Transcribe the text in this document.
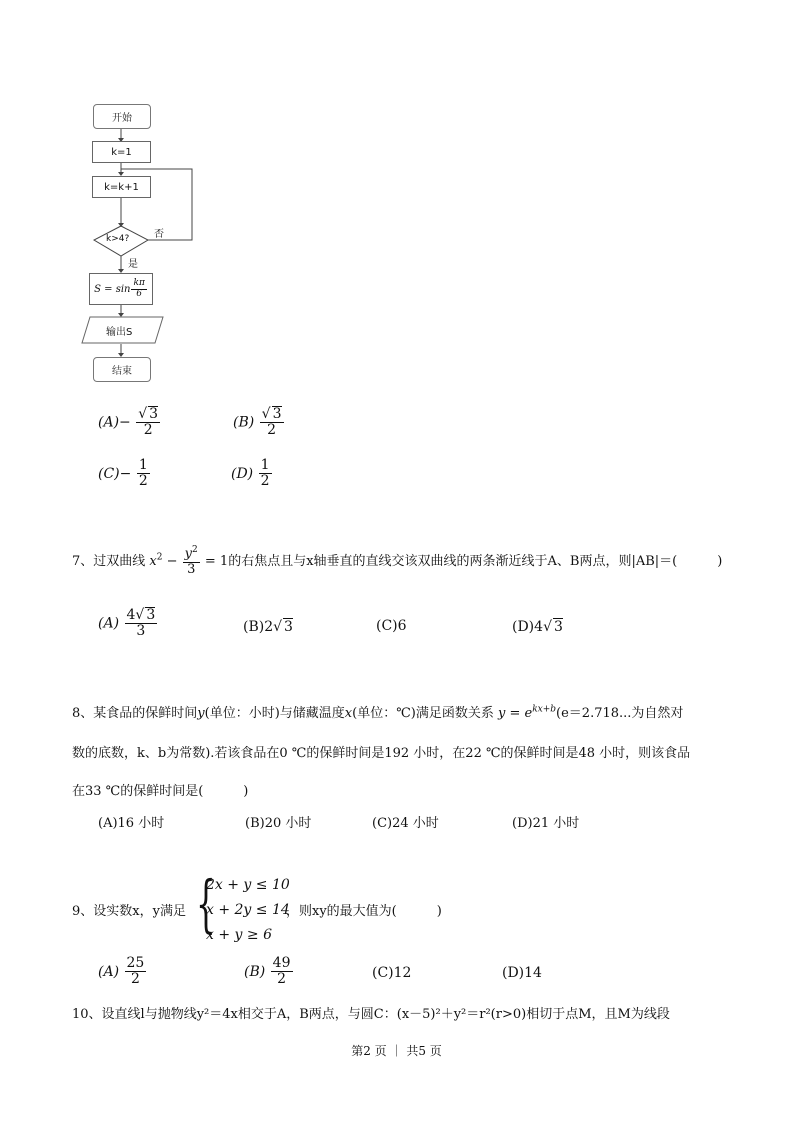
开始
k=1
k=k+1
k>4? 否
是
$S = \sin \frac{k\pi}{6}$
输出S
结束
$(A)- \frac{√ 3}{2}$	$(B) \frac{√ 3}{2}$
$(C)- \frac{1}{2}$	$(D) \frac{1}{2}$
7、过双曲线 $x^2 - \frac{y^2}{3} = 1$的右焦点且与x轴垂直的直线交该双曲线的两条渐近线于A、B两点，则|AB|＝(	)
$(A) \frac{4√ 3}{3}$	(B)2√ 3	(C)6	(D)4√ 3
8、某食品的保鲜时间y(单位：小时)与储藏温度x(单位：℃)满足函数关系 $y = e^{kx+b}(e=2.718$...为自然对
数的底数，k、b为常数).若该食品在0 ℃的保鲜时间是192 小时，在22 ℃的保鲜时间是48 小时，则该食品
在33 ℃的保鲜时间是(	)
(A)16 小时	(B)20 小时	(C)24 小时	(D)21 小时
9、设实数x，y满足 {
2x + y ≤ 10
x + 2y ≤ 14
x + y ≥ 6
，则xy的最大值为(	)
$(A) \frac{25}{2}$	$(B) \frac{49}{2}$	(C)12	(D)14
10、设直线l与抛物线y²＝4x相交于A，B两点，与圆C：(x－5)²＋y²＝r²(r>0)相切于点M，且M为线段
第2 页 ｜ 共5 页
